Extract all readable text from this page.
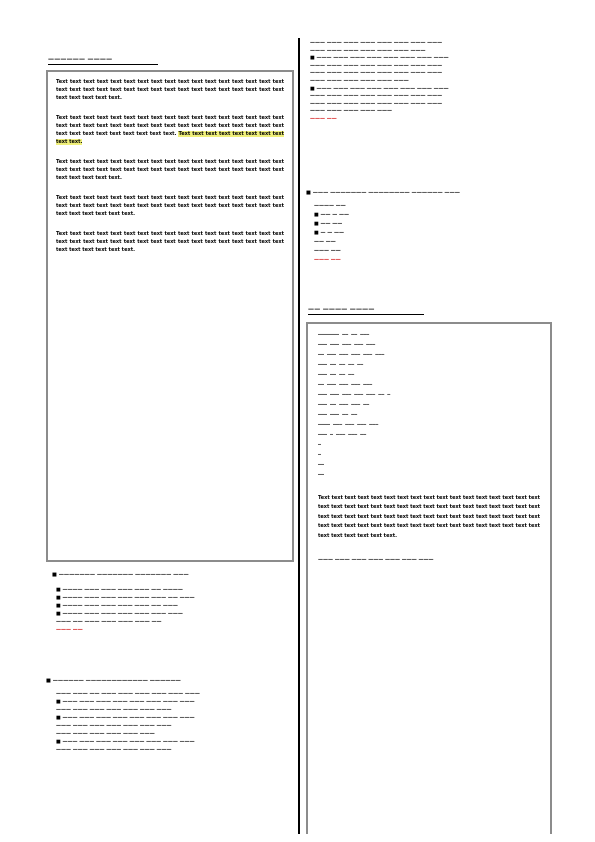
—————— ————

Text text text text text text text text text text text text text text text text text text text text text text text text text text text text text text text text text text text text text text text.

Text text text text text text text text text text text text text text text text text text text text text text text text text text text text text text text text text text text text text text text text text text text. Text text text text text text text text text text.

Text text text text text text text text text text text text text text text text text text text text text text text text text text text text text text text text text text text text text text text.

Text text text text text text text text text text text text text text text text text text text text text text text text text text text text text text text text text text text text text text text text.

Text text text text text text text text text text text text text text text text text text text text text text text text text text text text text text text text text text text text text text text text.

■ ——————— ——————— ——————— ———
■ ———— ——— ——— ——— ——— —— ————
■ ———— ——— ——— ——— ——— ——— —— ———
■ ———— ——— ——— ——— ——— —— ———
■ ———— ——— ——— ——— ——— ——— ———
——— —— ——— ——— ——— ——— ——
——— ——
■ —————— ———————————— ——————
——— ——— —— ——— ——— ——— ——— ——— ———
■ ——— ——— ——— ——— ——— ——— ——— ———
——— ——— ——— ——— ——— ——— ———
■ ——— ——— ——— ——— ——— ——— ——— ———
——— ——— ——— ——— ——— ——— ———
——— ——— ——— ——— ——— ———
■ ——— ——— ——— ——— ——— ——— ——— ———
——— ——— ——— ——— ——— ——— ———
——— ——— ——— ——— ——— ——— ——— ———
——— ——— ——— ——— ——— ——— ———
■ ——— ——— ——— ——— ——— ——— ——— ———
——— ——— ——— ——— ——— ——— ——— ———
——— ——— ——— ——— ——— ——— ——— ———
——— ——— ——— ——— ——— ———
■ ——— ——— ——— ——— ——— ——— ——— ———
——— ——— ——— ——— ——— ——— ——— ———
——— ——— ——— ——— ——— ——— ——— ———
——— ——— ——— ——— ———
——— ——
■ ——— ——————— ———————— —————— ———
———— ——
■ —— — ——
■ —— ——
■ — — ——
—— ——
——— ——
——— ——
—— ———— ————
——————— —— —— ———
——— ——— ——— ——— ———
—— ——— ——— ——— ——— ———
——— —— —— —— ——
——— —— —— ——
—— ——— ——— ——— ———
——— ——— ——— ——— ——— —— —
——— —— ——— ——— ——
——— ——— —— ——
———— ——— ——— ——— ———
——— — ——— ——— ——
—
—
——
——

Text text text text text text text text text text text text text text text text text text text text text text text text text text text text text text text text text text text text text text text text text text text text text text text text text text text text text text text text text text text text text text text text text text text text text text text text text text.

——— ——— ——— ——— ——— ——— ———
